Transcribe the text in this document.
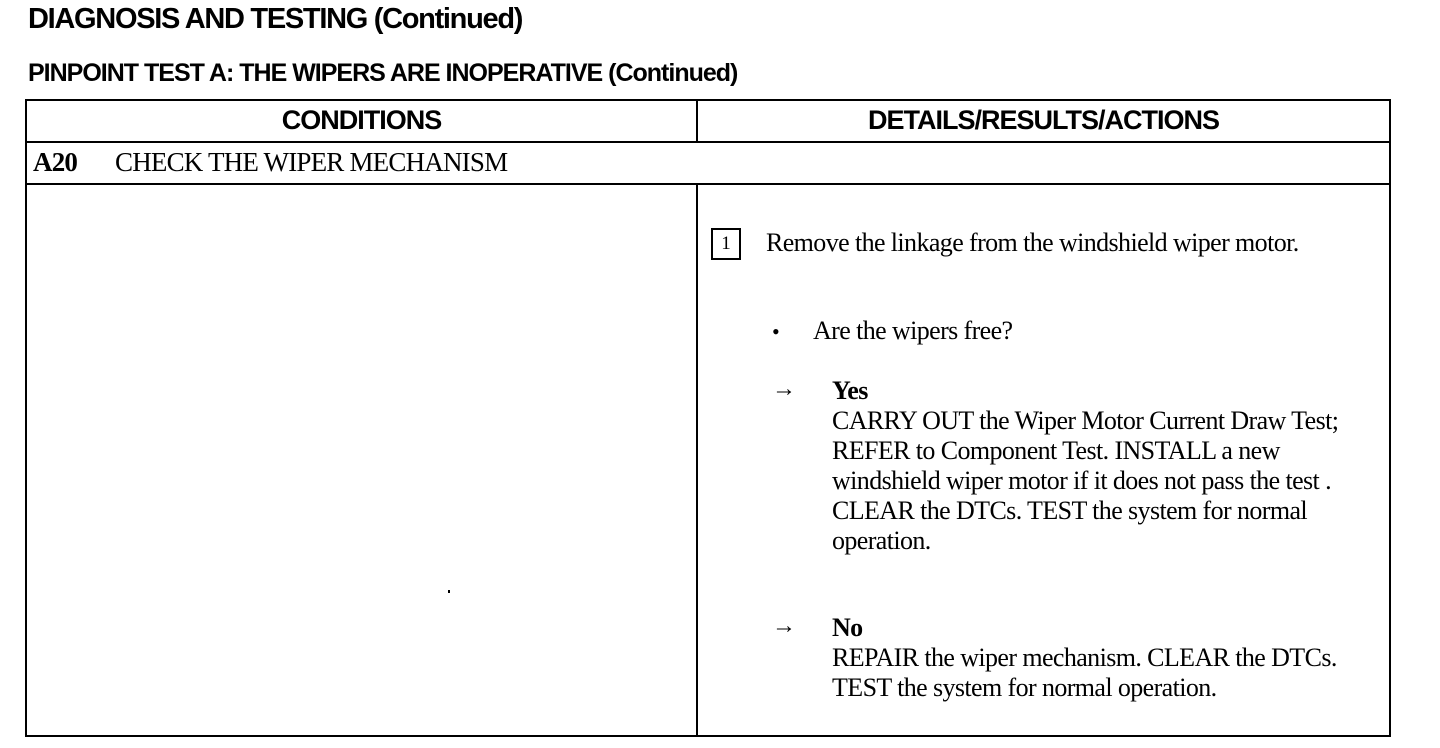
DIAGNOSIS AND TESTING (Continued)
PINPOINT TEST A: THE WIPERS ARE INOPERATIVE (Continued)
CONDITIONS	DETAILS/RESULTS/ACTIONS
A20 CHECK THE WIPER MECHANISM
1	Remove the linkage from the windshield wiper motor.
• Are the wipers free?
→ Yes
CARRY OUT the Wiper Motor Current Draw Test; REFER to Component Test. INSTALL a new windshield wiper motor if it does not pass the test . CLEAR the DTCs. TEST the system for normal operation.
→ No
REPAIR the wiper mechanism. CLEAR the DTCs. TEST the system for normal operation.
